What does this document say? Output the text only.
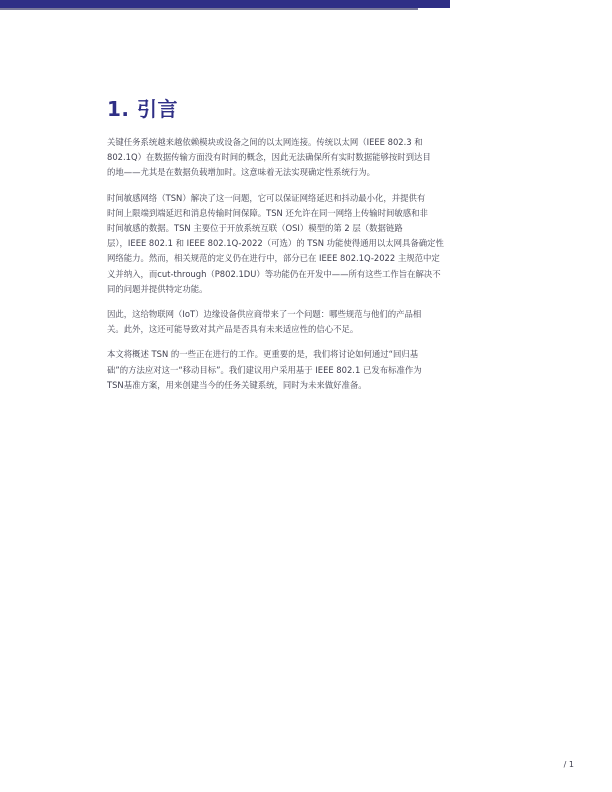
1. 引言

关键任务系统越来越依赖模块或设备之间的以太网连接。传统以太网（IEEE 802.3 和
802.1Q）在数据传输方面没有时间的概念，因此无法确保所有实时数据能够按时到达目
的地——尤其是在数据负载增加时。这意味着无法实现确定性系统行为。

时间敏感网络（TSN）解决了这一问题，它可以保证网络延迟和抖动最小化，并提供有
时间上限端到端延迟和消息传输时间保障。TSN 还允许在同一网络上传输时间敏感和非
时间敏感的数据。TSN 主要位于开放系统互联（OSI）模型的第 2 层（数据链路
层），IEEE 802.1 和 IEEE 802.1Q-2022（可选）的 TSN 功能使得通用以太网具备确定性
网络能力。然而，相关规范的定义仍在进行中，部分已在 IEEE 802.1Q-2022 主规范中定
义并纳入，而cut-through（P802.1DU）等功能仍在开发中——所有这些工作旨在解决不
同的问题并提供特定功能。

因此，这给物联网（IoT）边缘设备供应商带来了一个问题：哪些规范与他们的产品相
关。此外，这还可能导致对其产品是否具有未来适应性的信心不足。

本文将概述 TSN 的一些正在进行的工作。更重要的是，我们将讨论如何通过“回归基
础”的方法应对这一“移动目标”。我们建议用户采用基于 IEEE 802.1 已发布标准作为
TSN基准方案，用来创建当今的任务关键系统，同时为未来做好准备。

/ 1
